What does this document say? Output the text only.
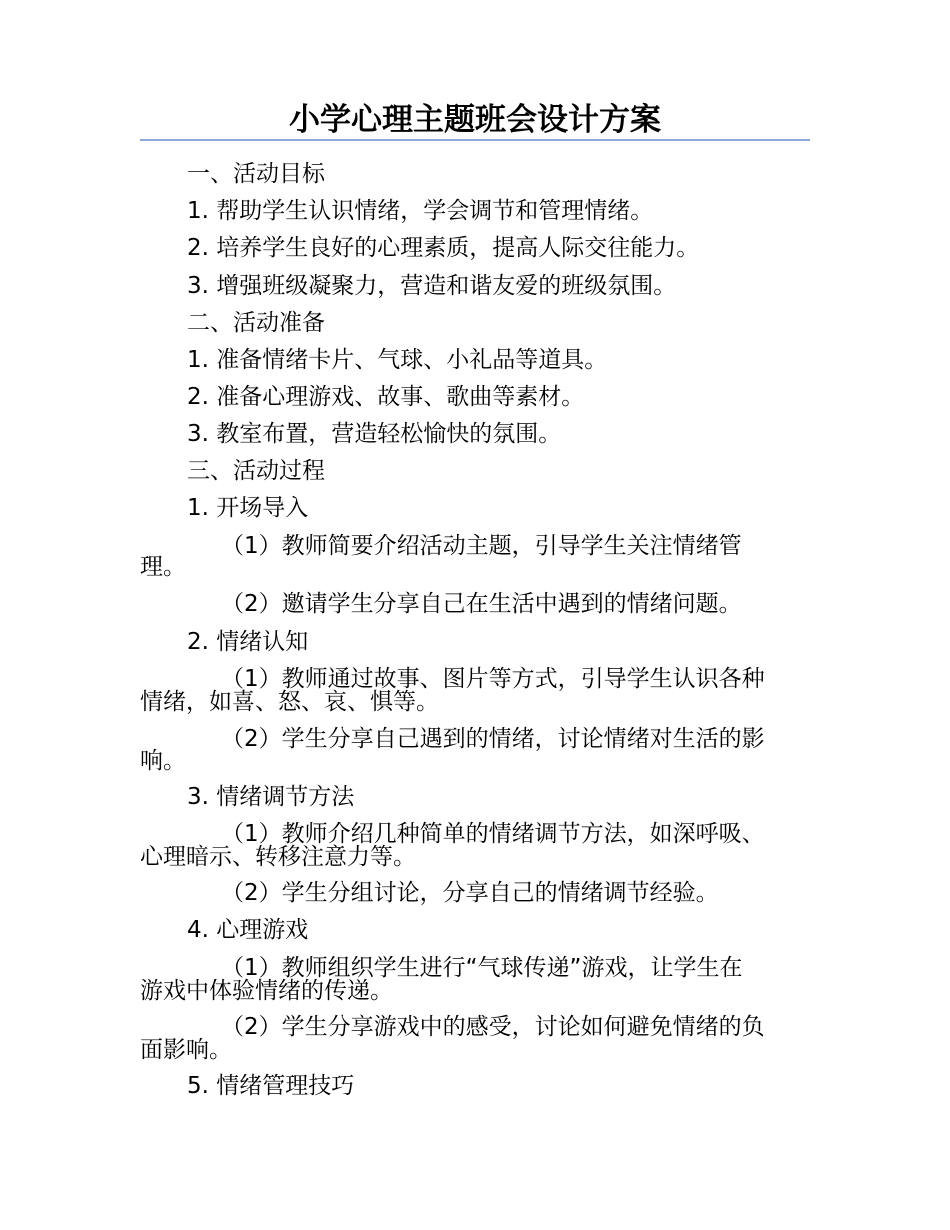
小学心理主题班会设计方案
一、活动目标
1. 帮助学生认识情绪，学会调节和管理情绪。
2. 培养学生良好的心理素质，提高人际交往能力。
3. 增强班级凝聚力，营造和谐友爱的班级氛围。
二、活动准备
1. 准备情绪卡片、气球、小礼品等道具。
2. 准备心理游戏、故事、歌曲等素材。
3. 教室布置，营造轻松愉快的氛围。
三、活动过程
1. 开场导入
（1）教师简要介绍活动主题，引导学生关注情绪管
理。
（2）邀请学生分享自己在生活中遇到的情绪问题。
2. 情绪认知
（1）教师通过故事、图片等方式，引导学生认识各种
情绪，如喜、怒、哀、惧等。
（2）学生分享自己遇到的情绪，讨论情绪对生活的影
响。
3. 情绪调节方法
（1）教师介绍几种简单的情绪调节方法，如深呼吸、
心理暗示、转移注意力等。
（2）学生分组讨论，分享自己的情绪调节经验。
4. 心理游戏
（1）教师组织学生进行“气球传递”游戏，让学生在
游戏中体验情绪的传递。
（2）学生分享游戏中的感受，讨论如何避免情绪的负
面影响。
5. 情绪管理技巧
